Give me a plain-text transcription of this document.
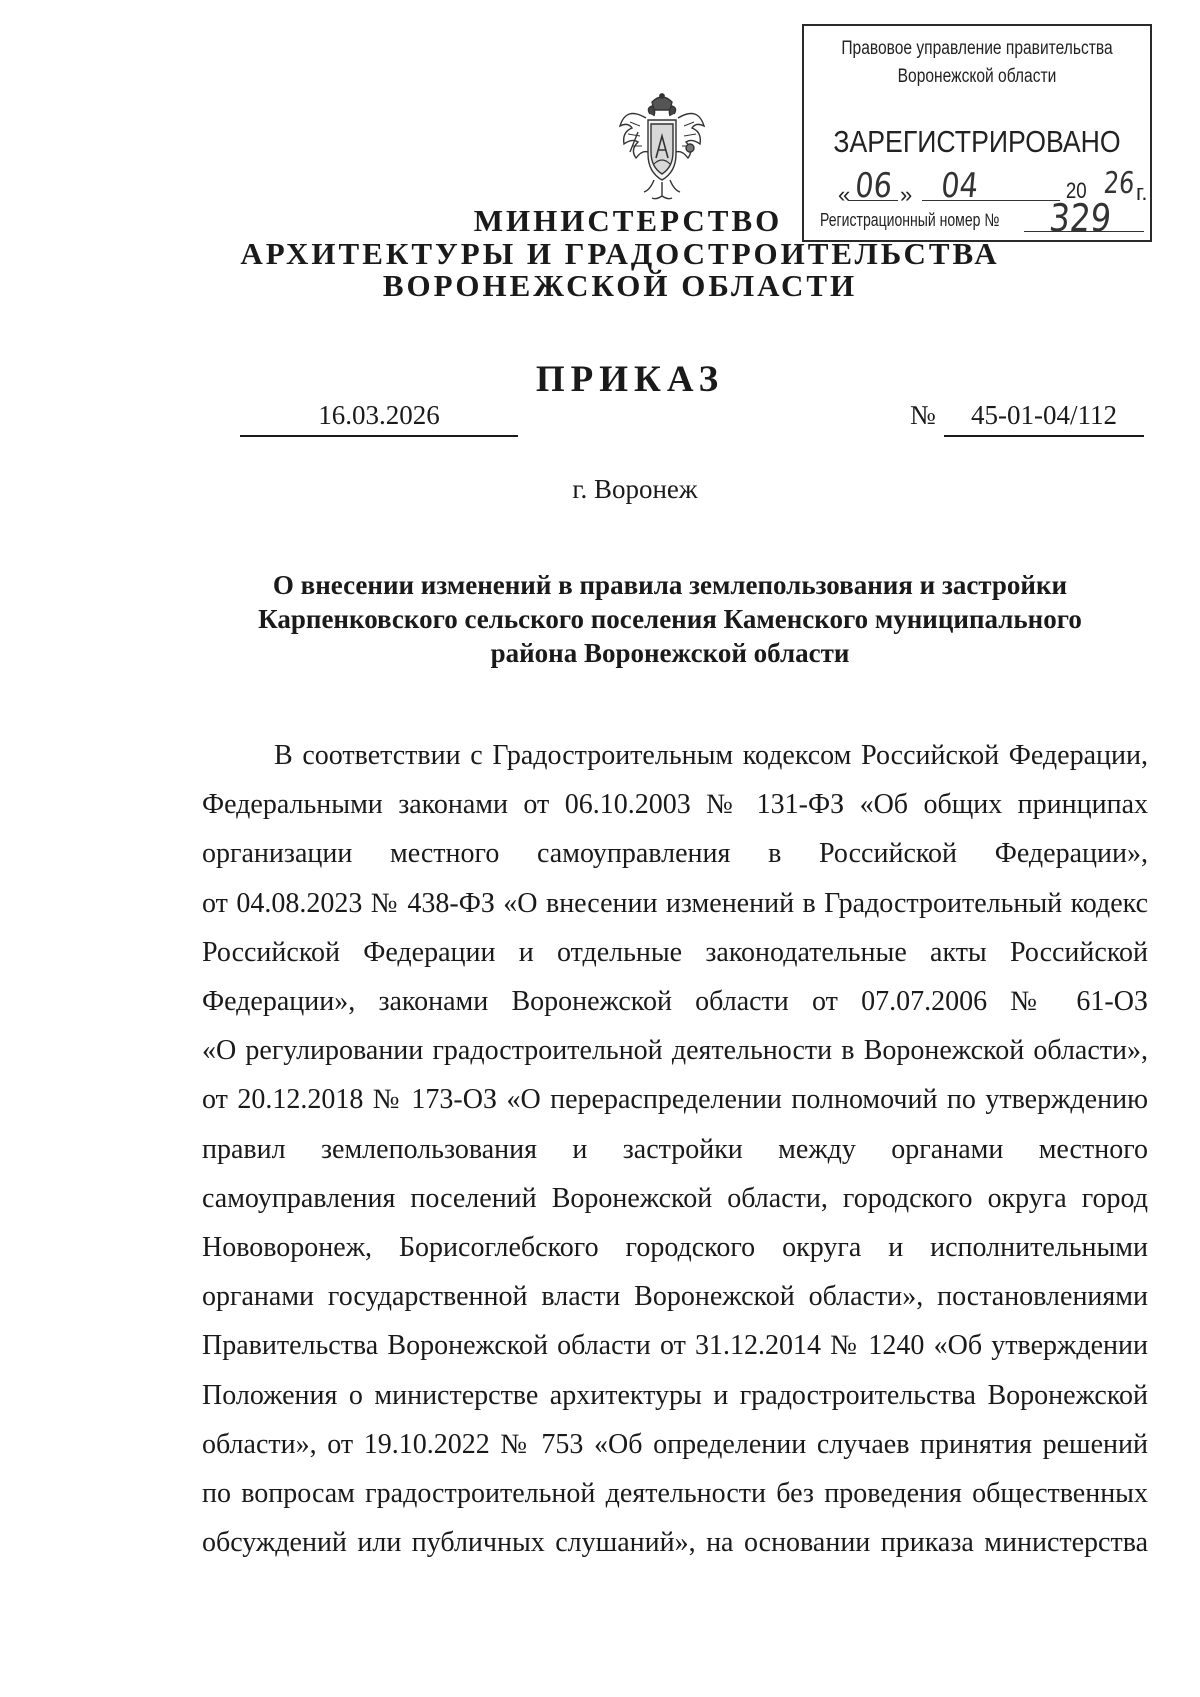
МИНИСТЕРСТВО

АРХИТЕКТУРЫ И ГРАДОСТРОИТЕЛЬСТВА

ВОРОНЕЖСКОЙ ОБЛАСТИ

Правовое управление правительства

Воронежской области

ЗАРЕГИСТРИРОВАНО

« 06 » 04	20 26 г.
Регистрационный номер № 329

ПРИКАЗ

16.03.2026	№	45-01-04/112
г. Воронеж
О внесении изменений в правила землепользования и застройки
Карпенковского сельского поселения Каменского муниципального
района Воронежской области
В соответствии с Градостроительным кодексом Российской Федерации,
Федеральными законами от 06.10.2003 № 131-ФЗ «Об общих принципах
организации местного самоуправления в Российской Федерации»,
от 04.08.2023 № 438-ФЗ «О внесении изменений в Градостроительный кодекс
Российской Федерации и отдельные законодательные акты Российской
Федерации», законами Воронежской области от 07.07.2006 № 61-ОЗ
«О регулировании градостроительной деятельности в Воронежской области»,
от 20.12.2018 № 173-ОЗ «О перераспределении полномочий по утверждению
правил землепользования и застройки между органами местного
самоуправления поселений Воронежской области, городского округа город
Нововоронеж, Борисоглебского городского округа и исполнительными
органами государственной власти Воронежской области», постановлениями
Правительства Воронежской области от 31.12.2014 № 1240 «Об утверждении
Положения о министерстве архитектуры и градостроительства Воронежской
области», от 19.10.2022 № 753 «Об определении случаев принятия решений
по вопросам градостроительной деятельности без проведения общественных
обсуждений или публичных слушаний», на основании приказа министерства
